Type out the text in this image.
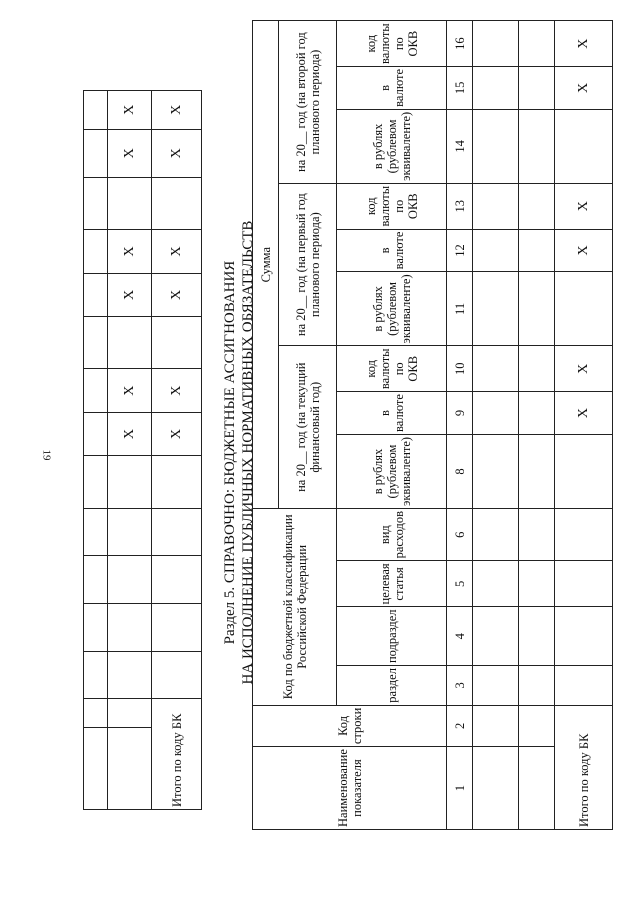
19

							X	X		X	X		X	X
Итого по коду БК							X	X		X	X		X	X
Раздел 5. СПРАВОЧНО: БЮДЖЕТНЫЕ АССИГНОВАНИЯ НА ИСПОЛНЕНИЕ ПУБЛИЧНЫХ НОРМАТИВНЫХ ОБЯЗАТЕЛЬСТВ
Наименование показателя	Код строки	Код по бюджетной классификации Российской Федерации				Сумма								
						на 20__ год (на текущий финансовый год)			на 20__ год (на первый год планового периода)			на 20__ год (на второй год планового периода)		
		раздел	подраздел	целевая статья	вид расходов	в рублях (рублевом эквиваленте)	в валюте	код валюты по ОКВ	в рублях (рублевом эквиваленте)	в валюте	код валюты по ОКВ	в рублях (рублевом эквиваленте)	в валюте	код валюты по ОКВ
1	2	3	4	5	6	8	9	10	11	12	13	14	15	16

Итого по коду БК							X	X		X	X		X	X
